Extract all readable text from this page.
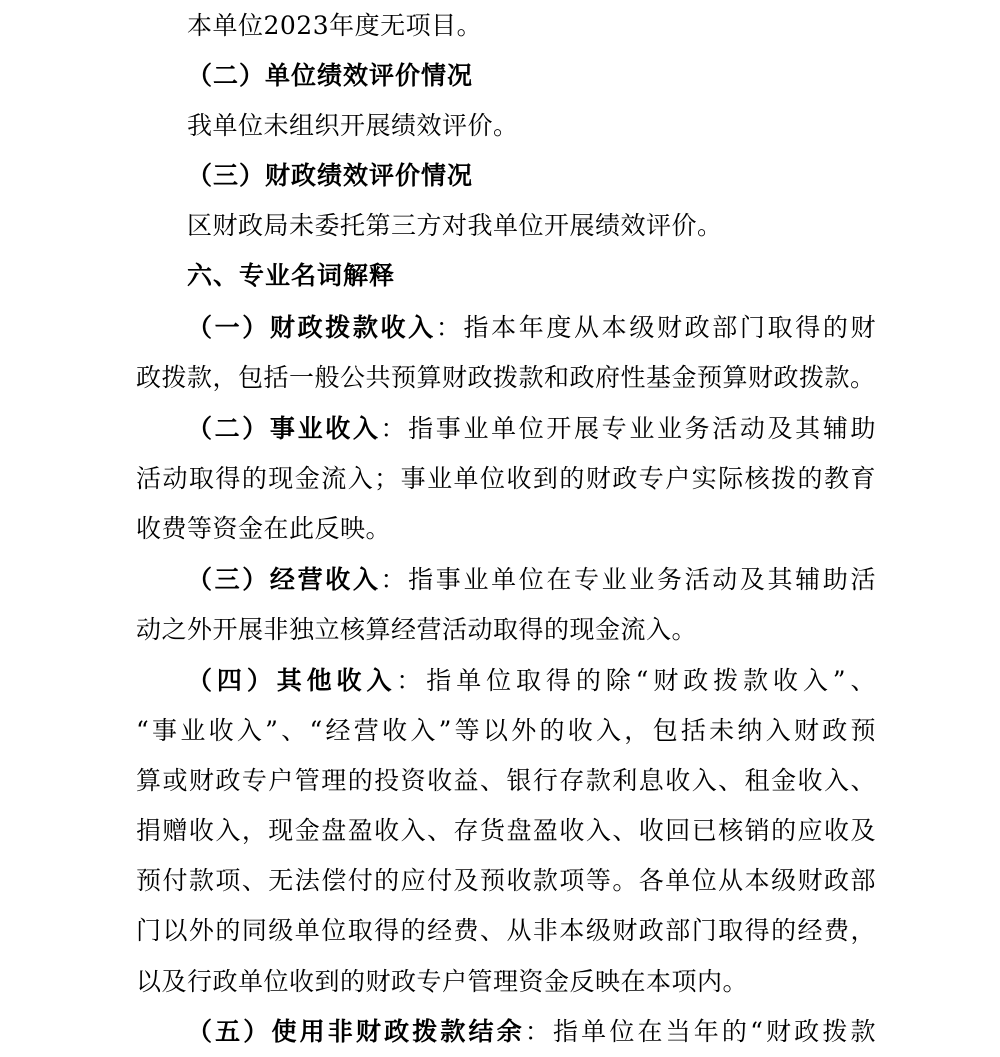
本单位2023年度无项目。
（二）单位绩效评价情况
我单位未组织开展绩效评价。
（三）财政绩效评价情况
区财政局未委托第三方对我单位开展绩效评价。
六、专业名词解释
（一）财政拨款收入：指本年度从本级财政部门取得的财
政拨款，包括一般公共预算财政拨款和政府性基金预算财政拨款。
（二）事业收入：指事业单位开展专业业务活动及其辅助
活动取得的现金流入；事业单位收到的财政专户实际核拨的教育
收费等资金在此反映。
（三）经营收入：指事业单位在专业业务活动及其辅助活
动之外开展非独立核算经营活动取得的现金流入。
（四）其他收入：指单位取得的除“财政拨款收入”、
“事业收入”、“经营收入”等以外的收入，包括未纳入财政预
算或财政专户管理的投资收益、银行存款利息收入、租金收入、
捐赠收入，现金盘盈收入、存货盘盈收入、收回已核销的应收及
预付款项、无法偿付的应付及预收款项等。各单位从本级财政部
门以外的同级单位取得的经费、从非本级财政部门取得的经费，
以及行政单位收到的财政专户管理资金反映在本项内。
（五）使用非财政拨款结余：指单位在当年的“财政拨款
